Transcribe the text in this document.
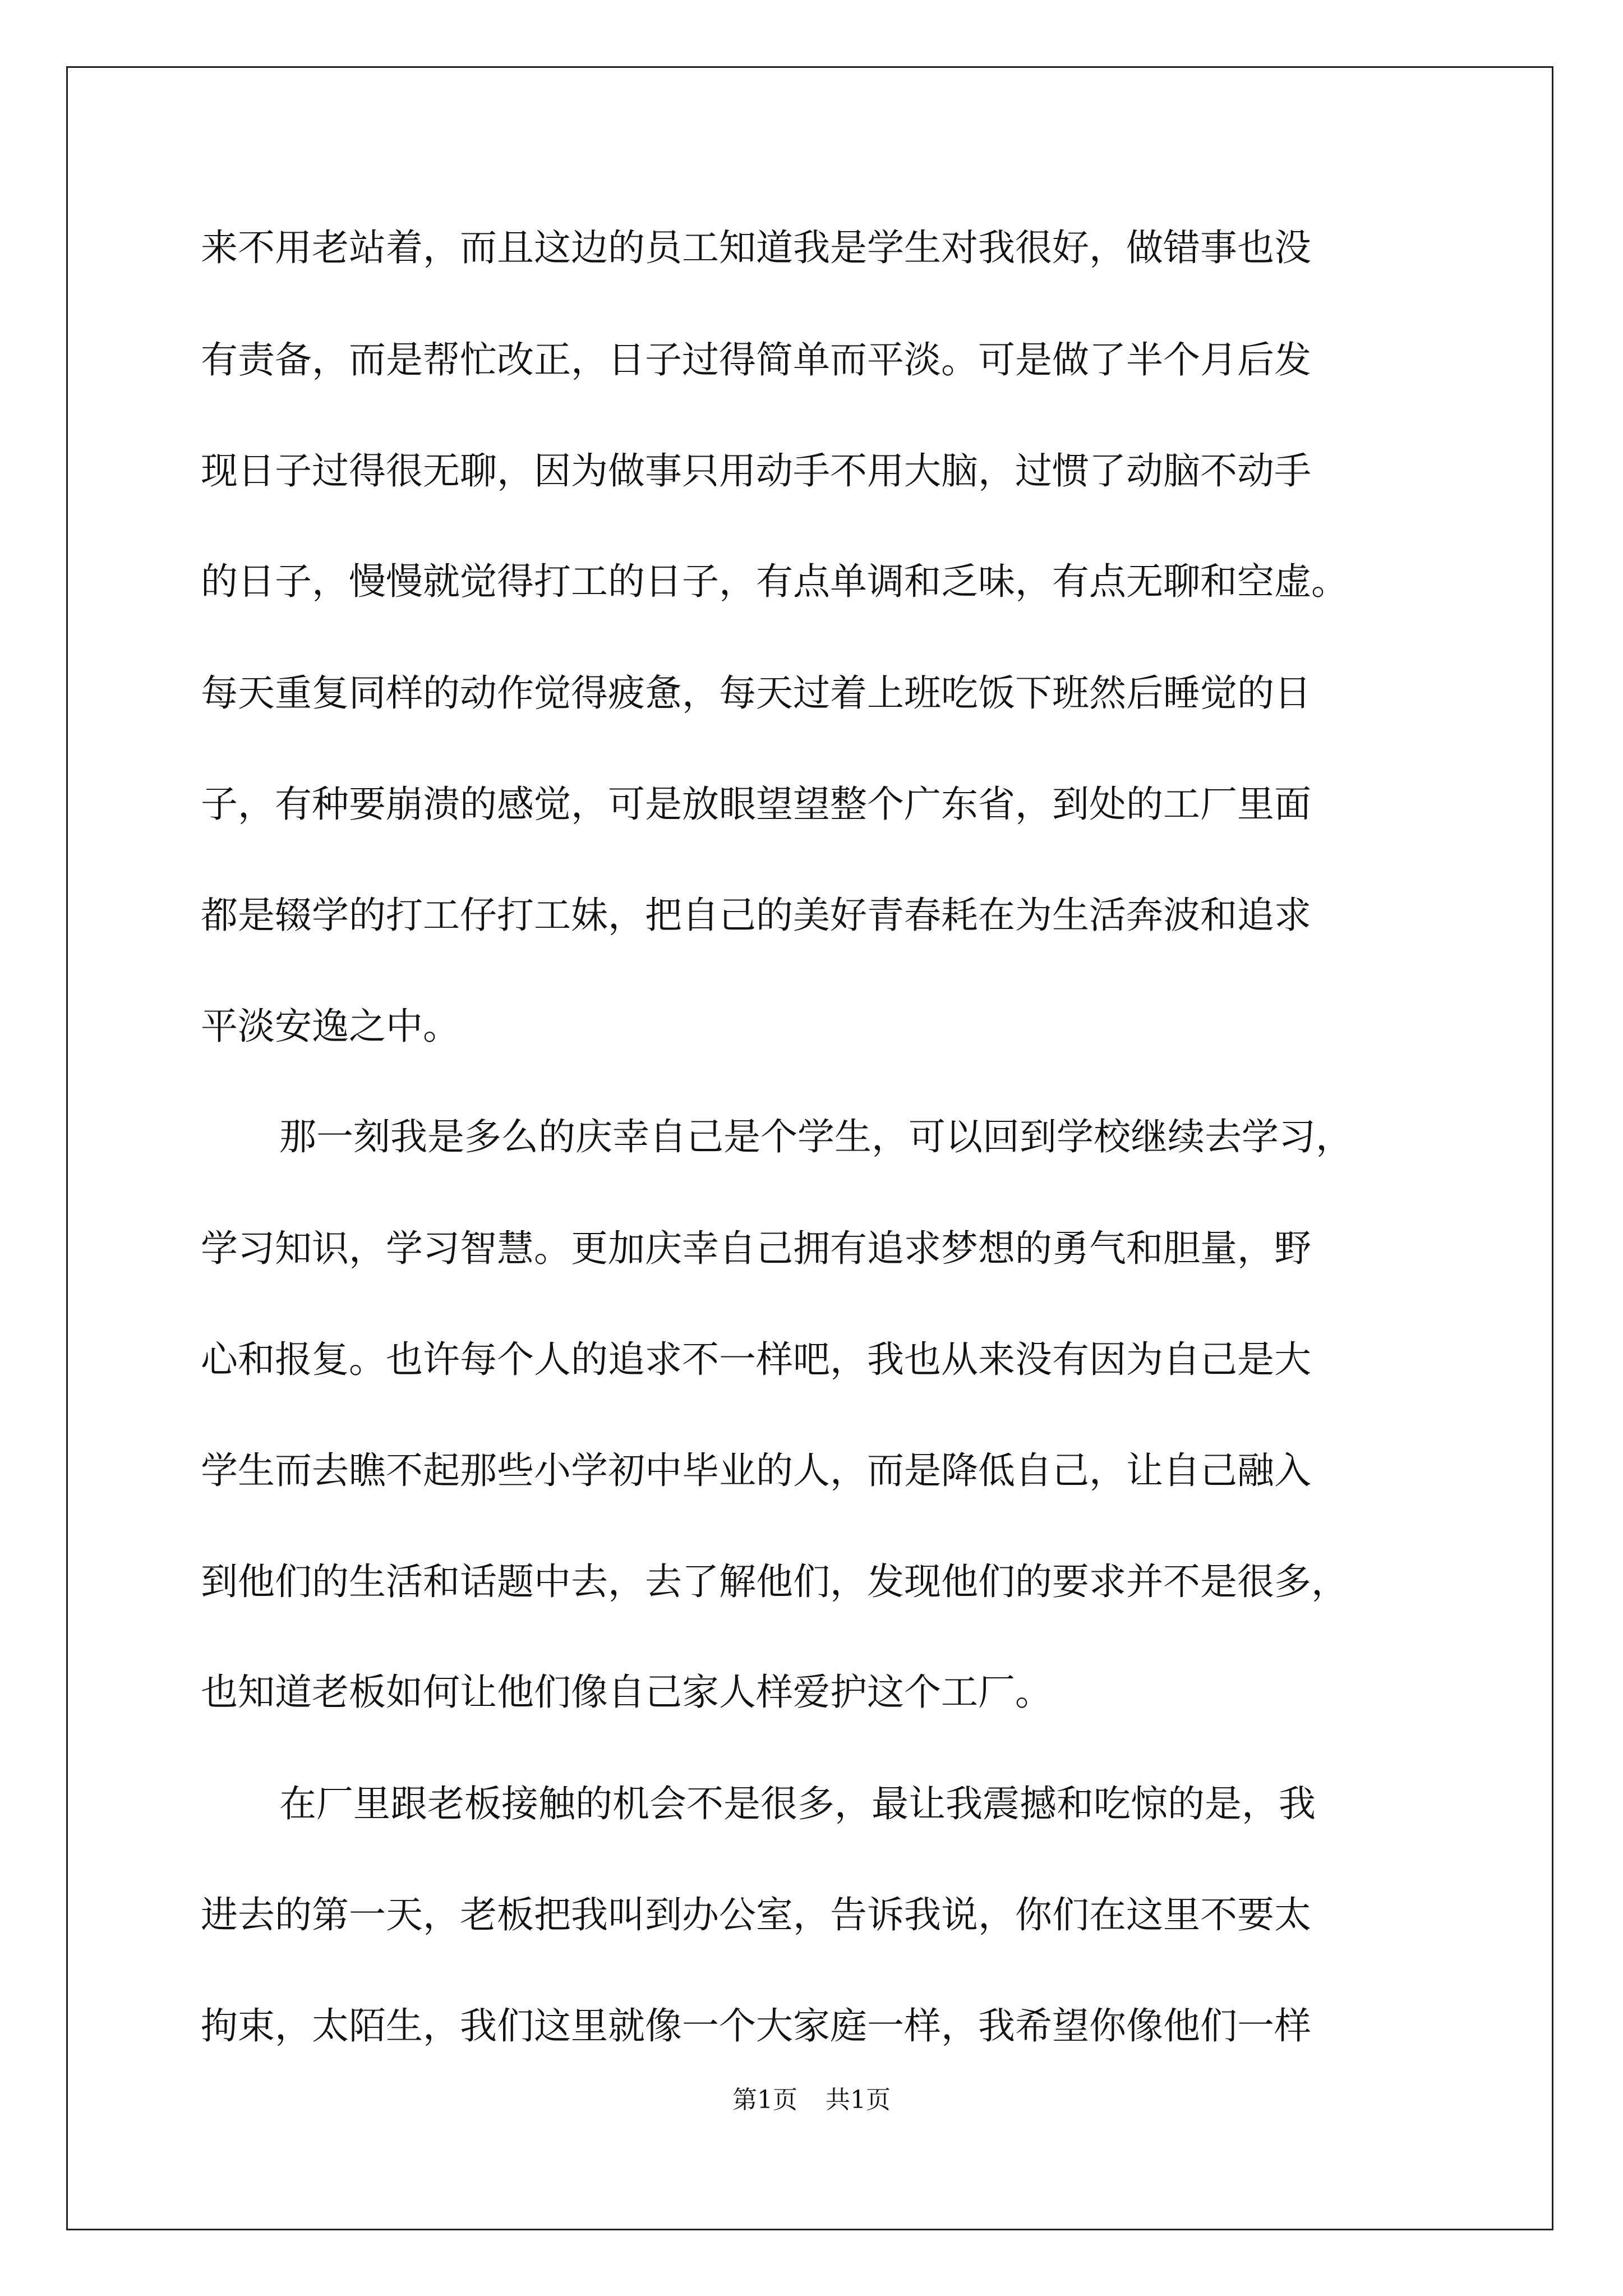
来不用老站着，而且这边的员工知道我是学生对我很好，做错事也没
有责备，而是帮忙改正，日子过得简单而平淡。可是做了半个月后发
现日子过得很无聊，因为做事只用动手不用大脑，过惯了动脑不动手
的日子，慢慢就觉得打工的日子，有点单调和乏味，有点无聊和空虚。
每天重复同样的动作觉得疲惫，每天过着上班吃饭下班然后睡觉的日
子，有种要崩溃的感觉，可是放眼望望整个广东省，到处的工厂里面
都是辍学的打工仔打工妹，把自己的美好青春耗在为生活奔波和追求
平淡安逸之中。
那一刻我是多么的庆幸自己是个学生，可以回到学校继续去学习，
学习知识，学习智慧。更加庆幸自己拥有追求梦想的勇气和胆量，野
心和报复。也许每个人的追求不一样吧，我也从来没有因为自己是大
学生而去瞧不起那些小学初中毕业的人，而是降低自己，让自己融入
到他们的生活和话题中去，去了解他们，发现他们的要求并不是很多，
也知道老板如何让他们像自己家人样爱护这个工厂。
在厂里跟老板接触的机会不是很多，最让我震撼和吃惊的是，我
进去的第一天，老板把我叫到办公室，告诉我说，你们在这里不要太
拘束，太陌生，我们这里就像一个大家庭一样，我希望你像他们一样
第1页 共1页
